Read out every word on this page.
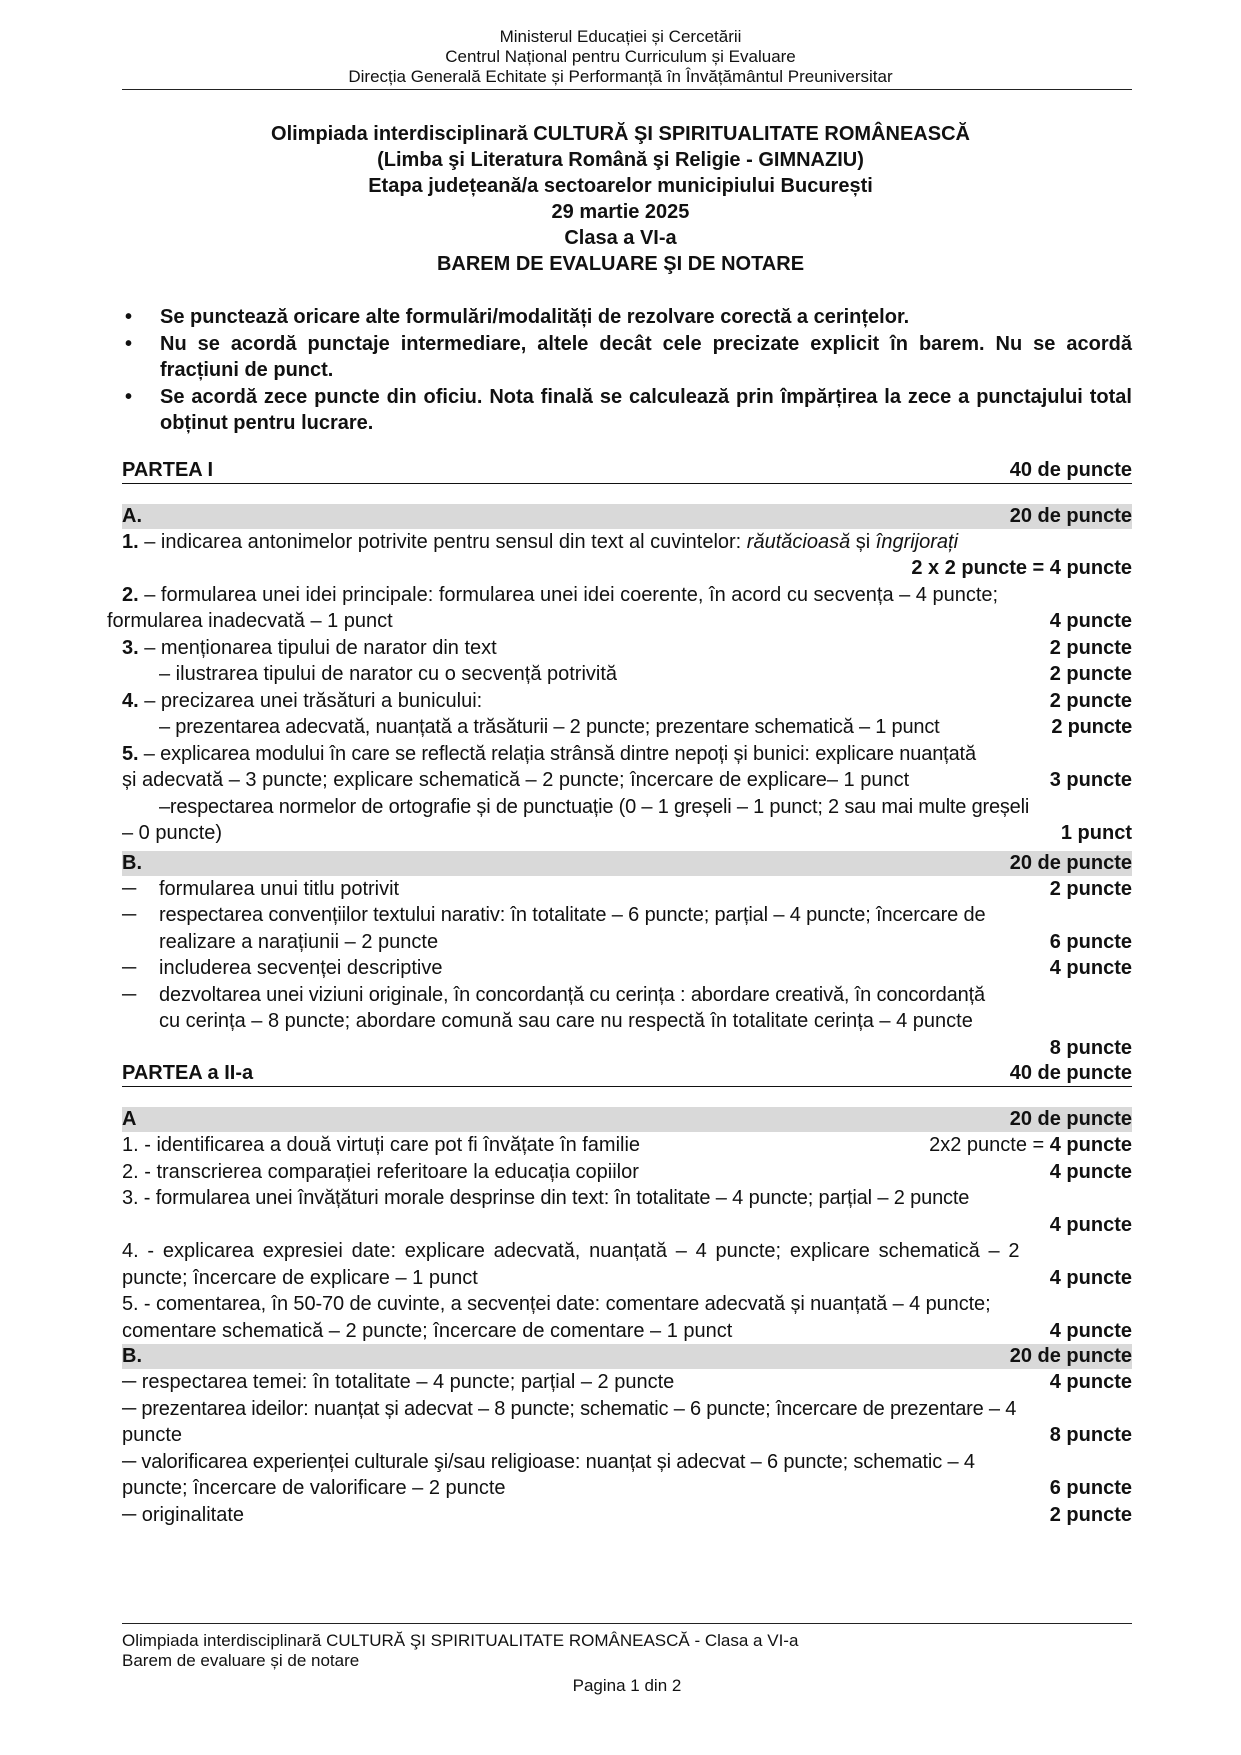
Ministerul Educației și Cercetării
Centrul Național pentru Curriculum și Evaluare
Direcția Generală Echitate și Performanță în Învățământul Preuniversitar
Olimpiada interdisciplinară CULTURĂ ŞI SPIRITUALITATE ROMÂNEASCĂ
(Limba şi Literatura Română şi Religie - GIMNAZIU)
Etapa județeană/a sectoarelor municipiului București
29 martie 2025
Clasa a VI-a
BAREM DE EVALUARE ŞI DE NOTARE
• Se punctează oricare alte formulări/modalități de rezolvare corectă a cerințelor.
• Nu se acordă punctaje intermediare, altele decât cele precizate explicit în barem. Nu se acordă fracțiuni de punct.
• Se acordă zece puncte din oficiu. Nota finală se calculează prin împărțirea la zece a punctajului total obținut pentru lucrare.
PARTEA I	40 de puncte
A.	20 de puncte
1. – indicarea antonimelor potrivite pentru sensul din text al cuvintelor: răutăcioasă și îngrijorați
2 x 2 puncte = 4 puncte
2. – formularea unei idei principale: formularea unei idei coerente, în acord cu secvența – 4 puncte;
formularea inadecvată – 1 punct	4 puncte
3. – menționarea tipului de narator din text	2 puncte
– ilustrarea tipului de narator cu o secvență potrivită	2 puncte
4. – precizarea unei trăsături a bunicului:	2 puncte
– prezentarea adecvată, nuanțată a trăsăturii – 2 puncte; prezentare schematică – 1 punct	2 puncte
5. – explicarea modului în care se reflectă relația strânsă dintre nepoți și bunici: explicare nuanțată
și adecvată – 3 puncte; explicare schematică – 2 puncte; încercare de explicare– 1 punct	3 puncte
–respectarea normelor de ortografie și de punctuație (0 – 1 greșeli – 1 punct; 2 sau mai multe greșeli
– 0 puncte)	1 punct
B.	20 de puncte
─ formularea unui titlu potrivit	2 puncte
─ respectarea convențiilor textului narativ: în totalitate – 6 puncte; parțial – 4 puncte; încercare de
realizare a narațiunii – 2 puncte	6 puncte
─ includerea secvenței descriptive	4 puncte
─ dezvoltarea unei viziuni originale, în concordanță cu cerința : abordare creativă, în concordanță
cu cerința – 8 puncte; abordare comună sau care nu respectă în totalitate cerința – 4 puncte
8 puncte
PARTEA a II-a	40 de puncte
A	20 de puncte
1. - identificarea a două virtuți care pot fi învățate în familie	2x2 puncte = 4 puncte
2. - transcrierea comparației referitoare la educația copiilor	4 puncte
3. - formularea unei învățături morale desprinse din text: în totalitate – 4 puncte; parțial – 2 puncte
4 puncte
4. - explicarea expresiei date: explicare adecvată, nuanțată – 4 puncte; explicare schematică – 2
puncte; încercare de explicare – 1 punct	4 puncte
5. - comentarea, în 50-70 de cuvinte, a secvenței date: comentare adecvată și nuanțată – 4 puncte;
comentare schematică – 2 puncte; încercare de comentare – 1 punct	4 puncte
B.	20 de puncte
─ respectarea temei: în totalitate – 4 puncte; parțial – 2 puncte	4 puncte
─ prezentarea ideilor: nuanțat și adecvat – 8 puncte; schematic – 6 puncte; încercare de prezentare – 4
puncte	8 puncte
─ valorificarea experienței culturale şi/sau religioase: nuanțat și adecvat – 6 puncte; schematic – 4
puncte; încercare de valorificare – 2 puncte	6 puncte
─ originalitate	2 puncte
Olimpiada interdisciplinară CULTURĂ ŞI SPIRITUALITATE ROMÂNEASCĂ - Clasa a VI-a
Barem de evaluare și de notare
Pagina 1 din 2
